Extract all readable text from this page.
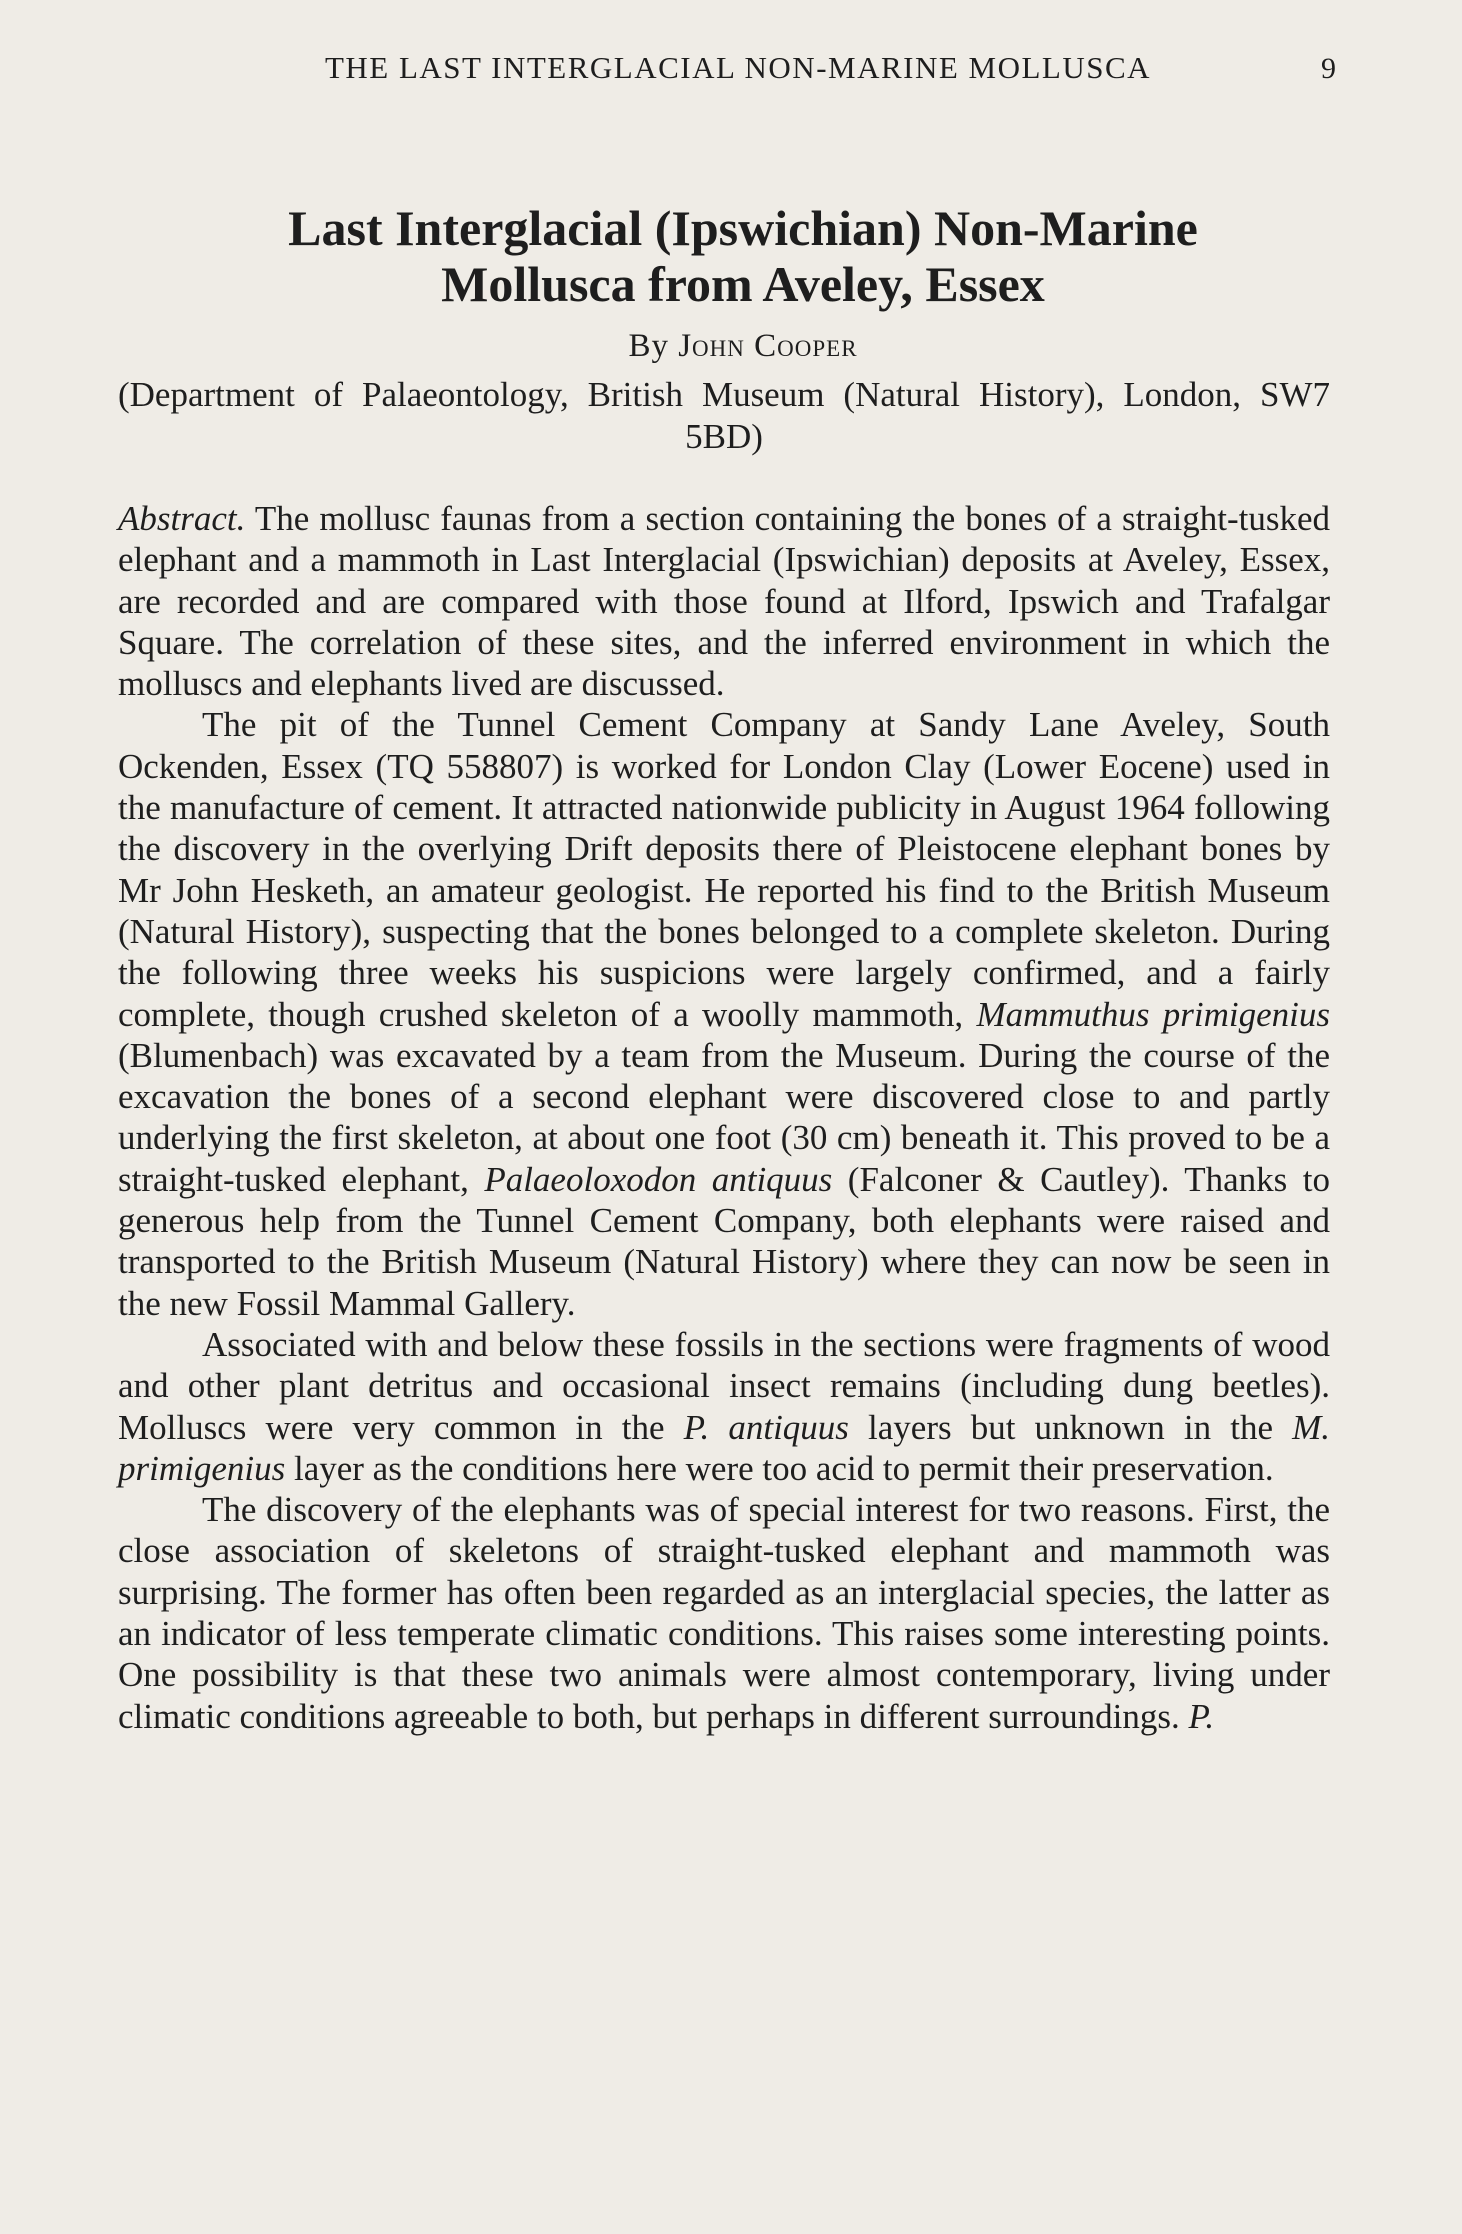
THE LAST INTERGLACIAL NON-MARINE MOLLUSCA	9
Last Interglacial (Ipswichian) Non-Marine
Mollusca from Aveley, Essex
By John Cooper
(Department of Palaeontology, British Museum (Natural History), London, SW7 5BD)

Abstract. The mollusc faunas from a section containing the bones of a straight-tusked elephant and a mammoth in Last Interglacial (Ipswichian) deposits at Aveley, Essex, are recorded and are compared with those found at Ilford, Ipswich and Trafalgar Square. The correlation of these sites, and the inferred environment in which the molluscs and elephants lived are discussed.

The pit of the Tunnel Cement Company at Sandy Lane Aveley, South Ockenden, Essex (TQ 558807) is worked for London Clay (Lower Eocene) used in the manufacture of cement. It attracted nationwide publicity in August 1964 following the discovery in the overlying Drift deposits there of Pleistocene elephant bones by Mr John Hesketh, an amateur geologist. He reported his find to the British Museum (Natural History), suspecting that the bones belonged to a complete skeleton. During the following three weeks his suspicions were largely confirmed, and a fairly complete, though crushed skeleton of a woolly mammoth, Mammuthus primigenius (Blumenbach) was excavated by a team from the Museum. During the course of the excavation the bones of a second elephant were discovered close to and partly underlying the first skeleton, at about one foot (30 cm) beneath it. This proved to be a straight-tusked elephant, Palaeoloxodon antiquus (Falconer & Cautley). Thanks to generous help from the Tunnel Cement Company, both elephants were raised and transported to the British Museum (Natural History) where they can now be seen in the new Fossil Mammal Gallery.

Associated with and below these fossils in the sections were fragments of wood and other plant detritus and occasional insect remains (including dung beetles). Molluscs were very common in the P. antiquus layers but unknown in the M. primigenius layer as the conditions here were too acid to permit their preservation.

The discovery of the elephants was of special interest for two reasons. First, the close association of skeletons of straight-tusked elephant and mammoth was surprising. The former has often been regarded as an interglacial species, the latter as an indicator of less temperate climatic conditions. This raises some interesting points. One possibility is that these two animals were almost contemporary, living under climatic conditions agreeable to both, but perhaps in different surroundings. P.
